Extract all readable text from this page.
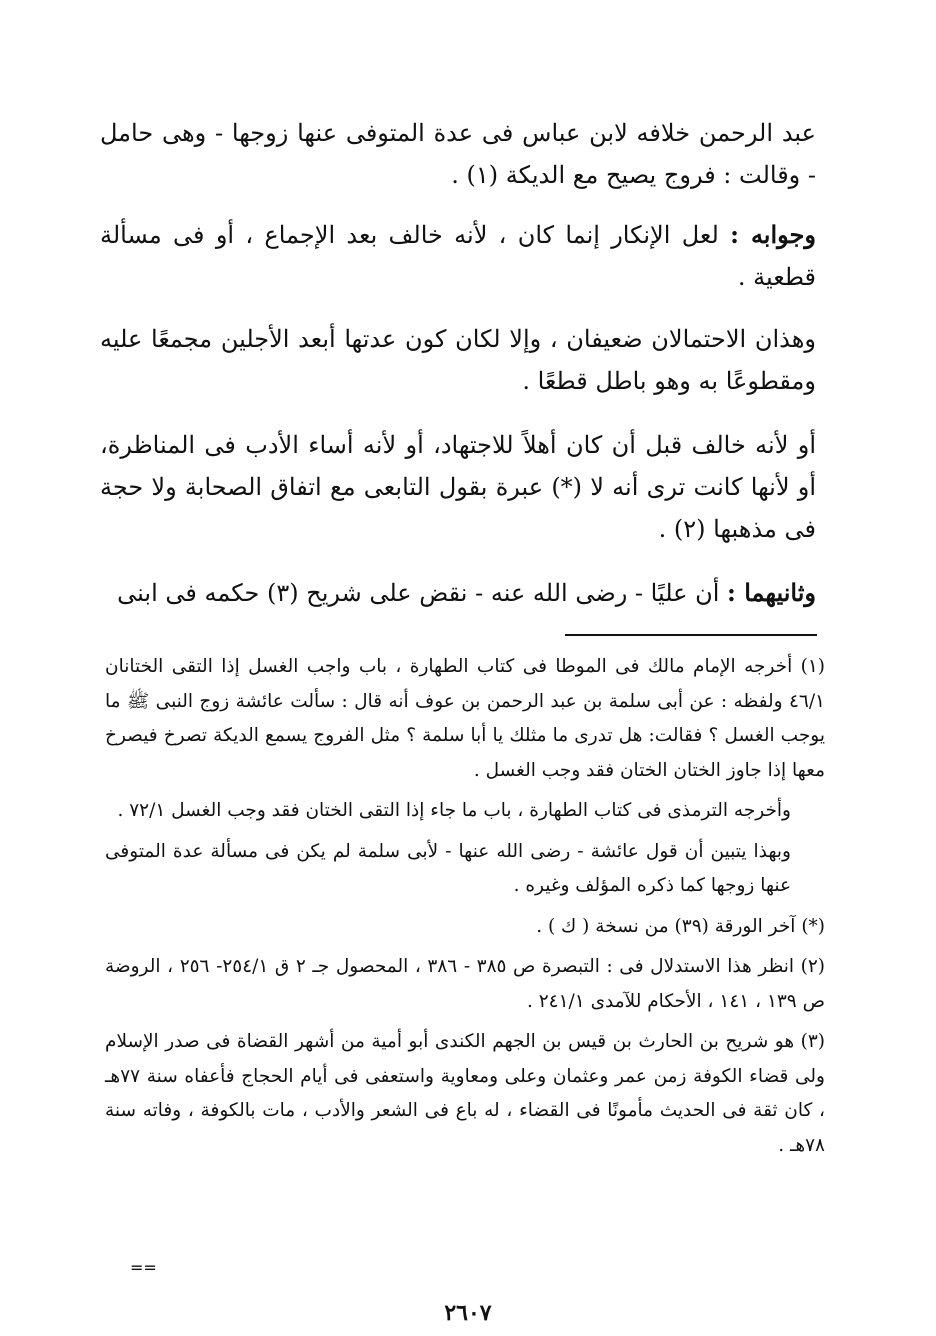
عبد الرحمن خلافه لابن عباس فى عدة المتوفى عنها زوجها - وهى حامل - وقالت : فروج يصيح مع الديكة (١) .

وجوابه : لعل الإنكار إنما كان ، لأنه خالف بعد الإجماع ، أو فى مسألة قطعية .

وهذان الاحتمالان ضعيفان ، وإلا لكان كون عدتها أبعد الأجلين مجمعًا عليه ومقطوعًا به وهو باطل قطعًا .

أو لأنه خالف قبل أن كان أهلاً للاجتهاد، أو لأنه أساء الأدب فى المناظرة، أو لأنها كانت ترى أنه لا (*) عبرة بقول التابعى مع اتفاق الصحابة ولا حجة فى مذهبها (٢) .

وثانيهما : أن عليًا - رضى الله عنه - نقض على شريح (٣) حكمه فى ابنى

(١) أخرجه الإمام مالك فى الموطا فى كتاب الطهارة ، باب واجب الغسل إذا التقى الختانان ٤٦/١ ولفظه : عن أبى سلمة بن عبد الرحمن بن عوف أنه قال : سألت عائشة زوج النبى ﷺ ما يوجب الغسل ؟ فقالت: هل تدرى ما مثلك يا أبا سلمة ؟ مثل الفروج يسمع الديكة تصرخ فيصرخ معها إذا جاوز الختان الختان فقد وجب الغسل .

وأخرجه الترمذى فى كتاب الطهارة ، باب ما جاء إذا التقى الختان فقد وجب الغسل ٧٢/١ .

وبهذا يتبين أن قول عائشة - رضى الله عنها - لأبى سلمة لم يكن فى مسألة عدة المتوفى عنها زوجها كما ذكره المؤلف وغيره .

(*) آخر الورقة (٣٩) من نسخة ( ك ) .

(٢) انظر هذا الاستدلال فى : التبصرة ص ٣٨٥ - ٣٨٦ ، المحصول جـ ٢ ق ٢٥٤/١- ٢٥٦ ، الروضة ص ١٣٩ ، ١٤١ ، الأحكام للآمدى ٢٤١/١ .

(٣) هو شريح بن الحارث بن قيس بن الجهم الكندى أبو أمية من أشهر القضاة فى صدر الإسلام ولى قضاء الكوفة زمن عمر وعثمان وعلى ومعاوية واستعفى فى أيام الحجاج فأعفاه سنة ٧٧هـ ، كان ثقة فى الحديث مأمونًا فى القضاء ، له باع فى الشعر والأدب ، مات بالكوفة ، وفاته سنة ٧٨هـ .

==
٢٦٠٧
